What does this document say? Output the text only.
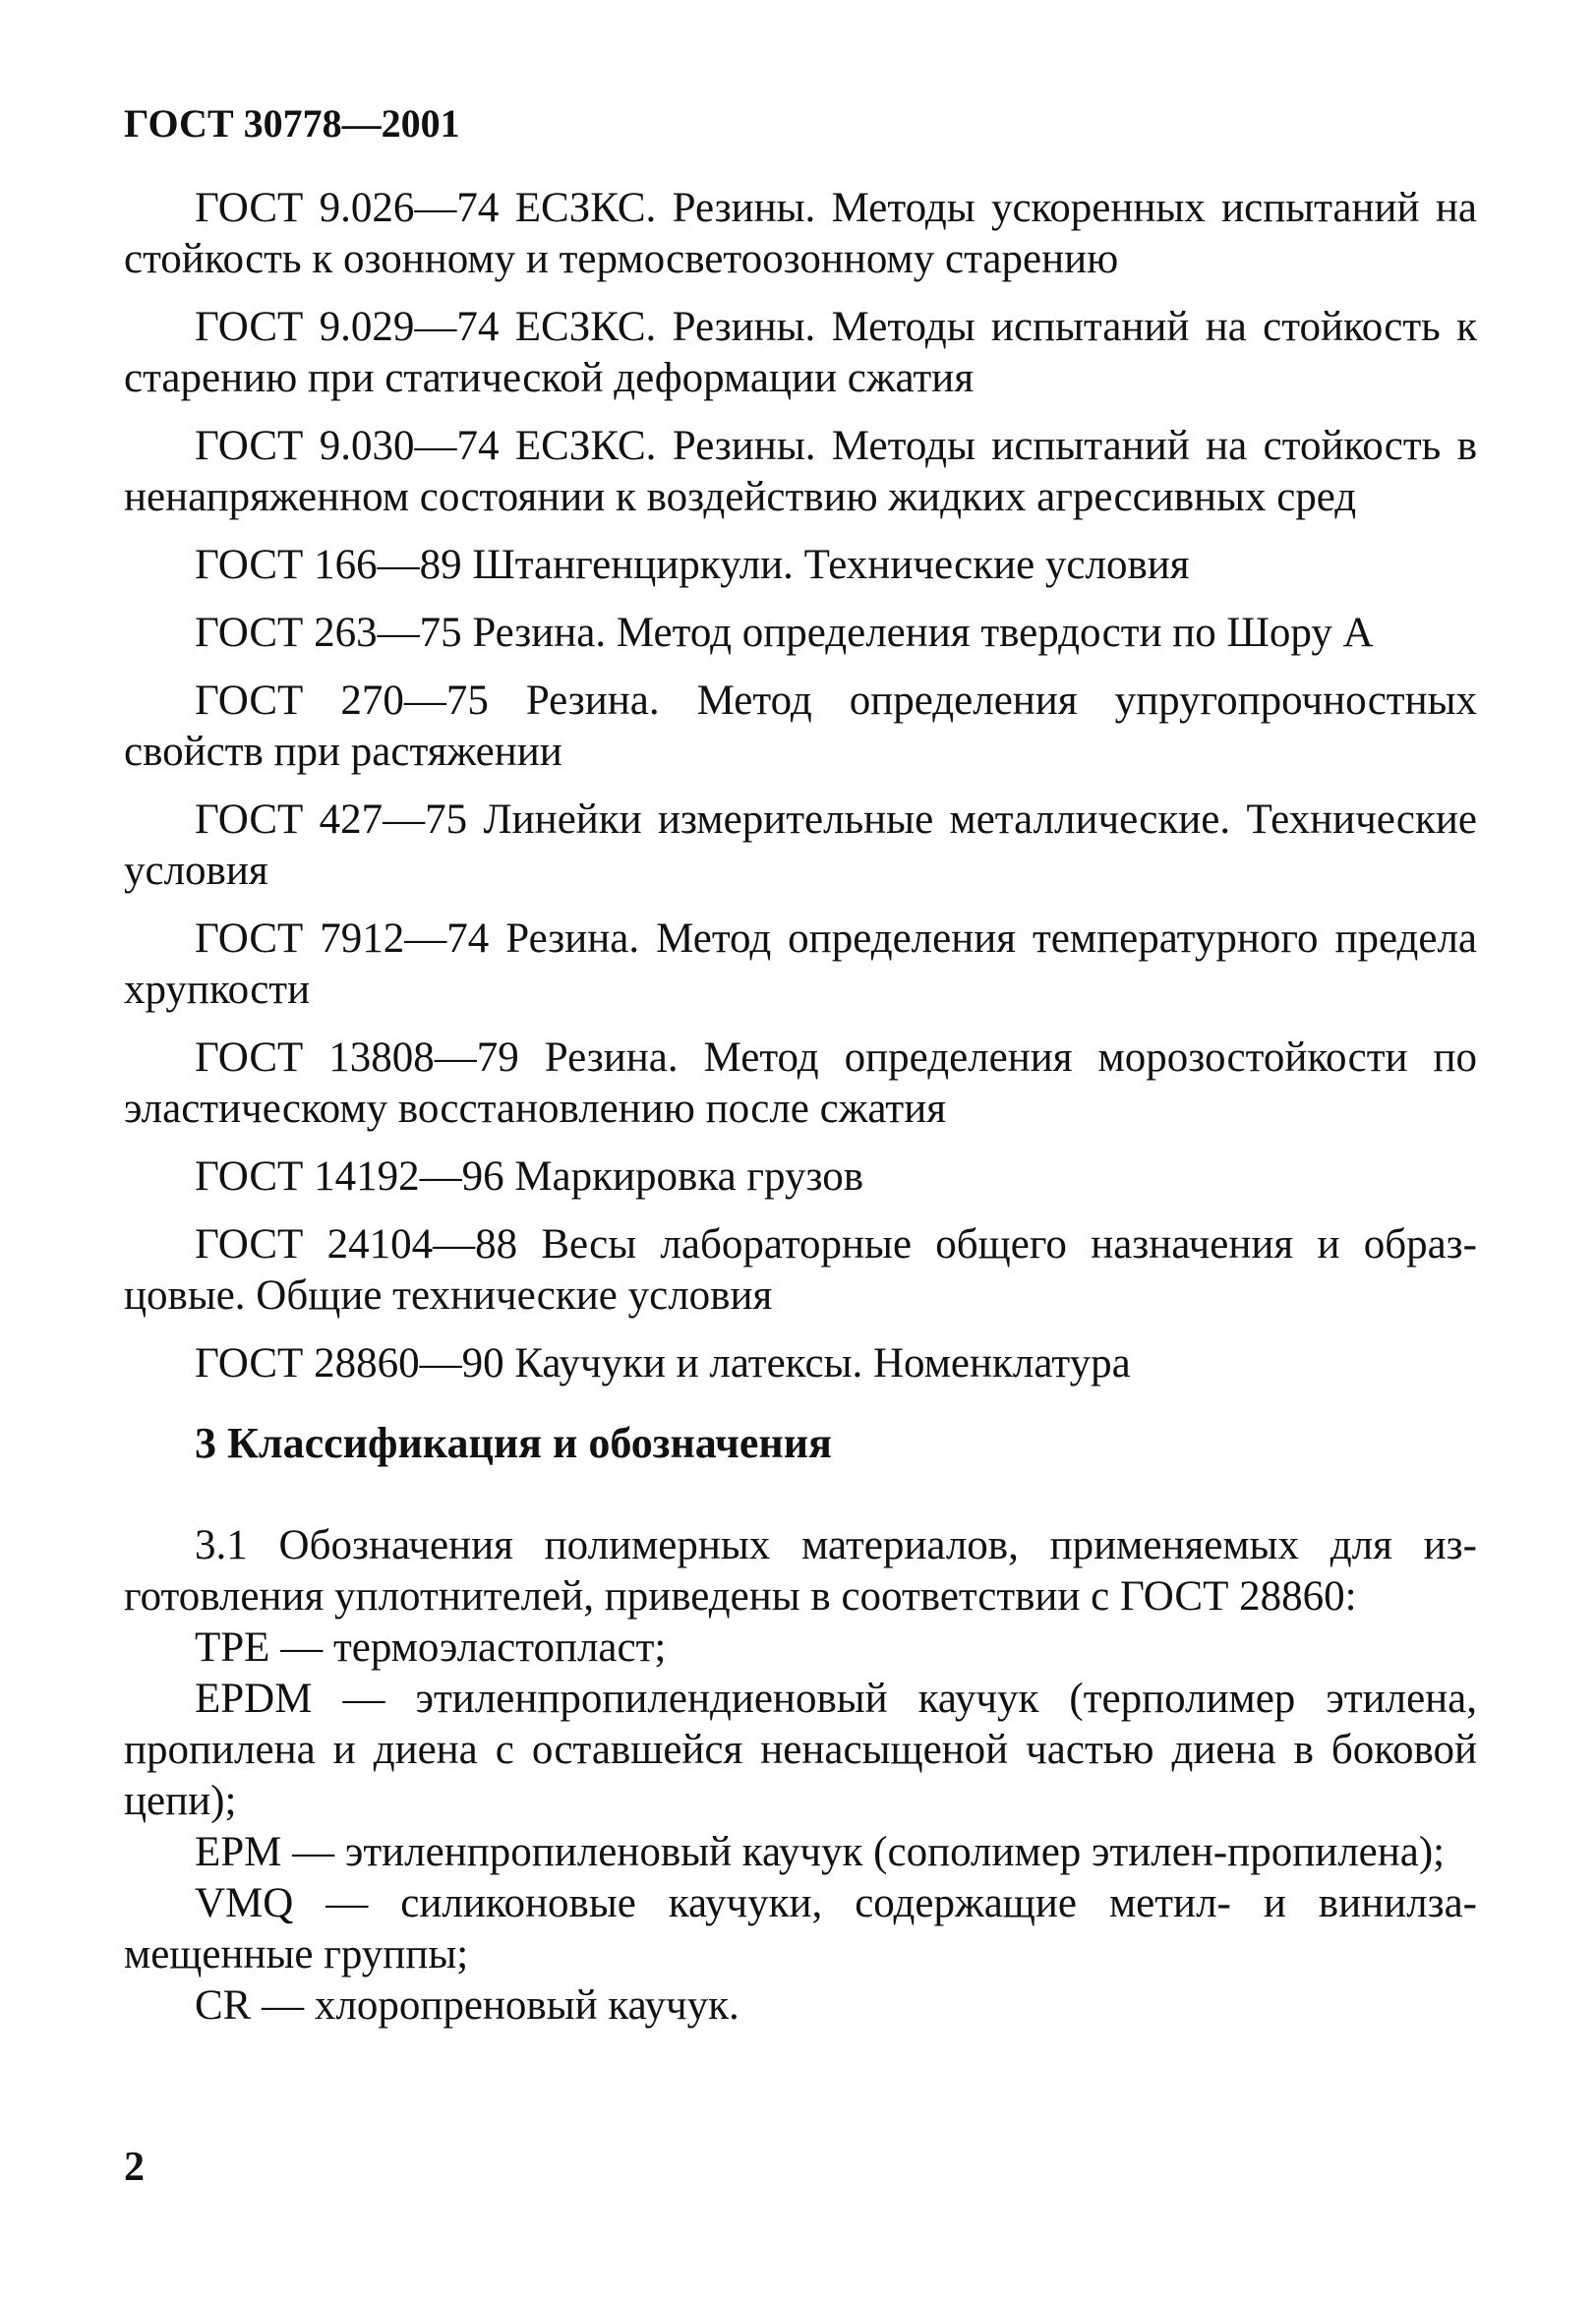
ГОСТ 30778—2001

ГОСТ 9.026—74 ЕСЗКС. Резины. Методы ускоренных испытаний на стойкость к озонному и термосветоозонному старению

ГОСТ 9.029—74 ЕСЗКС. Резины. Методы испытаний на стойкость к старению при статической деформации сжатия

ГОСТ 9.030—74 ЕСЗКС. Резины. Методы испытаний на стойкость в ненапряженном состоянии к воздействию жидких агрессивных сред

ГОСТ 166—89 Штангенциркули. Технические условия

ГОСТ 263—75 Резина. Метод определения твердости по Шору А

ГОСТ 270—75 Резина. Метод определения упругопрочностных свойств при растяжении

ГОСТ 427—75 Линейки измерительные металлические. Технические условия

ГОСТ 7912—74 Резина. Метод определения температурного предела хрупкости

ГОСТ 13808—79 Резина. Метод определения морозостойкости по эластическому восстановлению после сжатия

ГОСТ 14192—96 Маркировка грузов

ГОСТ 24104—88 Весы лабораторные общего назначения и образцовые. Общие технические условия

ГОСТ 28860—90 Каучуки и латексы. Номенклатура

3 Классификация и обозначения

3.1 Обозначения полимерных материалов, применяемых для изготовления уплотнителей, приведены в соответствии с ГОСТ 28860:

TPE — термоэластопласт;

EPDM — этиленпропилендиеновый каучук (терполимер этилена, пропилена и диена с оставшейся ненасыщеной частью диена в боковой цепи);

EPM — этиленпропиленовый каучук (сополимер этилен-пропилена);

VMQ — силиконовые каучуки, содержащие метил- и винилзамещенные группы;

CR — хлоропреновый каучук.

2
